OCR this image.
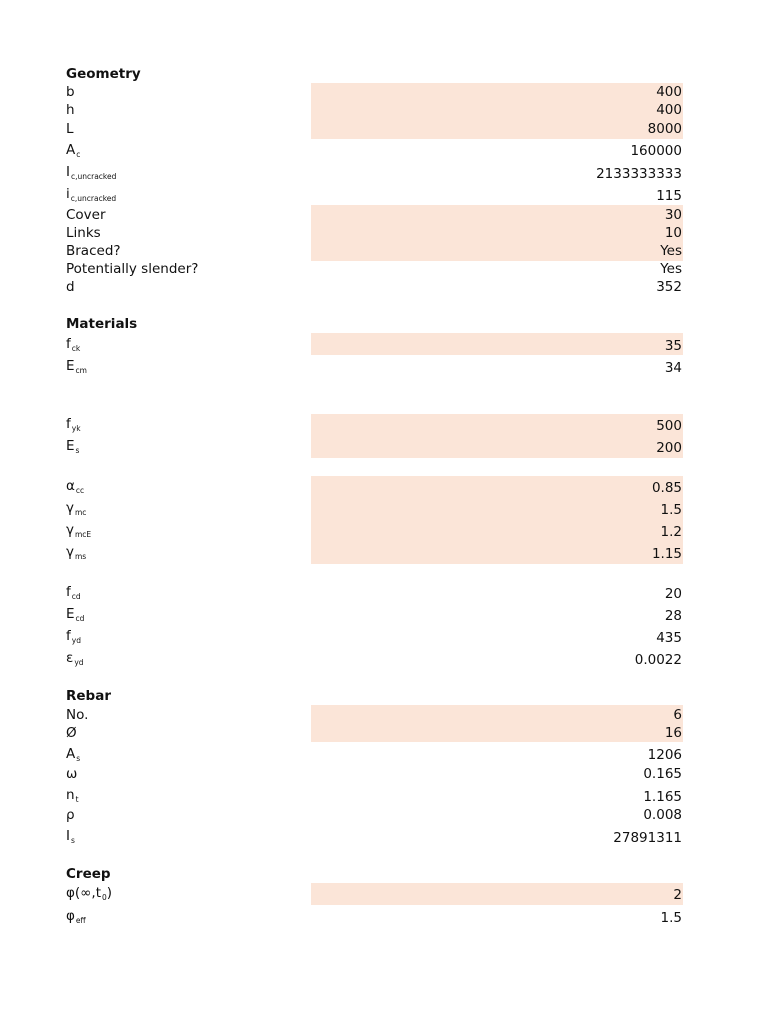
Geometry
b	400
h	400
L	8000
$A_c$	160000
$I_{c,uncracked}$	2133333333
$i_{c,uncracked}$	115
Cover	30
Links	10
Braced?	Yes
Potentially slender?	Yes
d	352
Materials
$f_{ck}$	35
$E_{cm}$	34
$f_{yk}$	500
$E_s$	200
$\alpha_{cc}$	0.85
$\gamma_{mc}$	1.5
$\gamma_{mcE}$	1.2
$\gamma_{ms}$	1.15
$f_{cd}$	20
$E_{cd}$	28
$f_{yd}$	435
$\varepsilon_{yd}$	0.0022
Rebar
No.	6
Ø	16
$A_s$	1206
ω	0.165
$n_t$	1.165
ρ	0.008
$I_s$	27891311
Creep
$\varphi(\infty,t_0)$	2
$\varphi_{eff}$	1.5
